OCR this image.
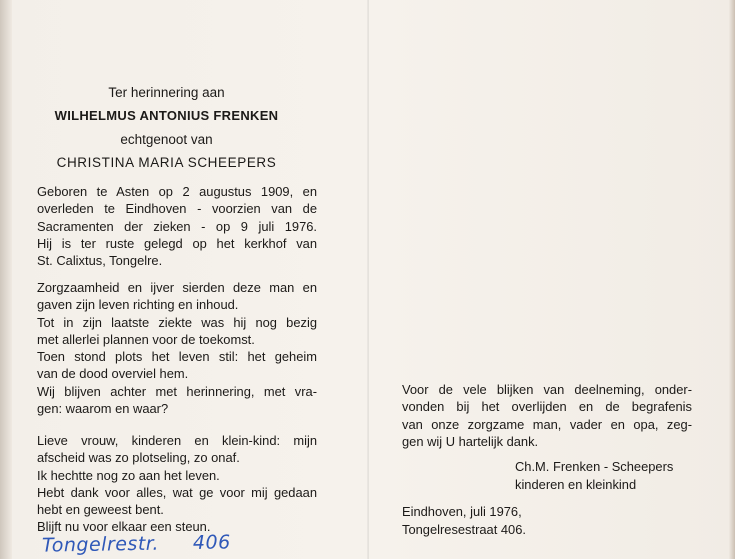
Ter herinnering aan
WILHELMUS ANTONIUS FRENKEN
echtgenoot van
CHRISTINA MARIA SCHEEPERS
Geboren te Asten op 2 augustus 1909, en
overleden te Eindhoven - voorzien van de
Sacramenten der zieken - op 9 juli 1976.
Hij is ter ruste gelegd op het kerkhof van
St. Calixtus, Tongelre.
Zorgzaamheid en ijver sierden deze man en
gaven zijn leven richting en inhoud.
Tot in zijn laatste ziekte was hij nog bezig
met allerlei plannen voor de toekomst.
Toen stond plots het leven stil: het geheim
van de dood overviel hem.
Wij blijven achter met herinnering, met vra-
gen: waarom en waar?
Lieve vrouw, kinderen en klein-kind: mijn
afscheid was zo plotseling, zo onaf.
Ik hechtte nog zo aan het leven.
Hebt dank voor alles, wat ge voor mij gedaan
hebt en geweest bent.
Blijft nu voor elkaar een steun.
Tongelrestr. 406
Voor de vele blijken van deelneming, onder-
vonden bij het overlijden en de begrafenis
van onze zorgzame man, vader en opa, zeg-
gen wij U hartelijk dank.
Ch.M. Frenken - Scheepers
kinderen en kleinkind
Eindhoven, juli 1976,
Tongelresestraat 406.
